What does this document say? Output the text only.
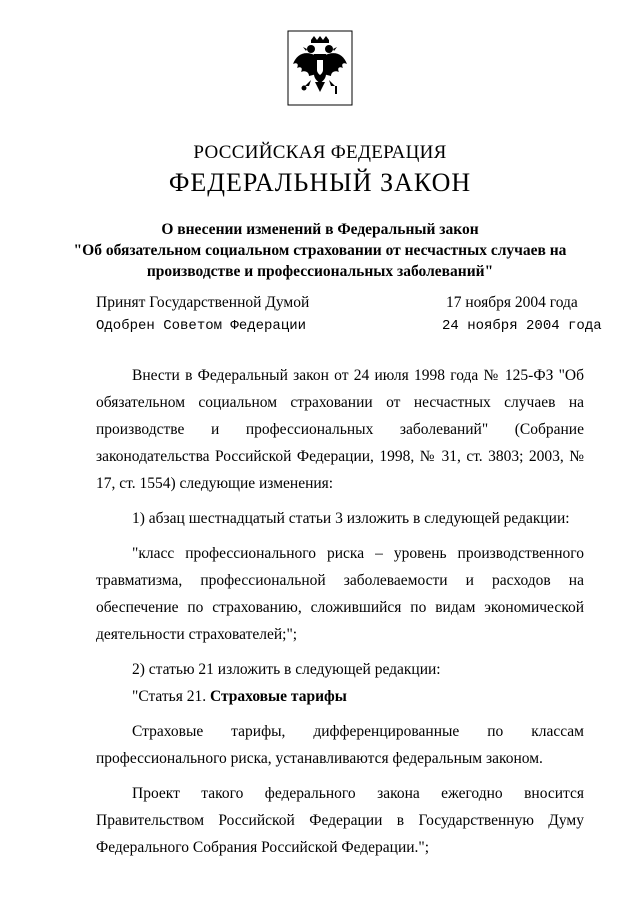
РОССИЙСКАЯ ФЕДЕРАЦИЯ
ФЕДЕРАЛЬНЫЙ ЗАКОН
О внесении изменений в Федеральный закон
"Об обязательном социальном страховании от несчастных случаев на
производстве и профессиональных заболеваний"
Принят Государственной Думой	17 ноября 2004 года
Одобрен Советом Федерации	24 ноября 2004 года

Внести в Федеральный закон от 24 июля 1998 года № 125-ФЗ "Об обязательном социальном страховании от несчастных случаев на производстве и профессиональных заболеваний" (Собрание законодательства Российской Федерации, 1998, № 31, ст. 3803; 2003, № 17, ст. 1554) следующие изменения:

1) абзац шестнадцатый статьи 3 изложить в следующей редакции:

"класс профессионального риска – уровень производственного травматизма, профессиональной заболеваемости и расходов на обеспечение по страхованию, сложившийся по видам экономической деятельности страхователей;";

2) статью 21 изложить в следующей редакции:

"Статья 21. Страховые тарифы

Страховые тарифы, дифференцированные по классам профессионального риска, устанавливаются федеральным законом.

Проект такого федерального закона ежегодно вносится Правительством Российской Федерации в Государственную Думу Федерального Собрания Российской Федерации.";
